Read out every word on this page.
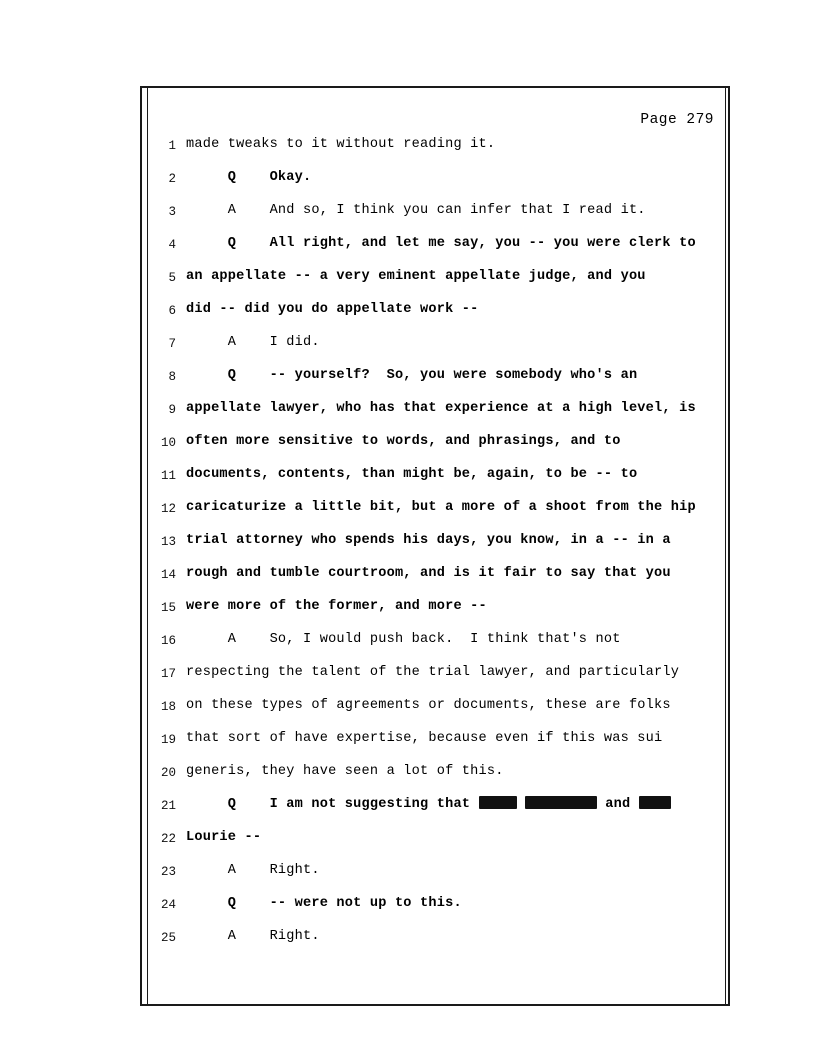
Page 279
1 made tweaks to it without reading it.
2 Q    Okay.
3 A    And so, I think you can infer that I read it.
4 Q    All right, and let me say, you -- you were clerk to
5 an appellate -- a very eminent appellate judge, and you
6 did -- did you do appellate work --
7 A    I did.
8 Q    -- yourself?  So, you were somebody who's an
9 appellate lawyer, who has that experience at a high level, is
10 often more sensitive to words, and phrasings, and to
11 documents, contents, than might be, again, to be -- to
12 caricaturize a little bit, but a more of a shoot from the hip
13 trial attorney who spends his days, you know, in a -- in a
14 rough and tumble courtroom, and is it fair to say that you
15 were more of the former, and more --
16 A    So, I would push back.  I think that's not
17 respecting the talent of the trial lawyer, and particularly
18 on these types of agreements or documents, these are folks
19 that sort of have expertise, because even if this was sui
20 generis, they have seen a lot of this.
21 Q    I am not suggesting that	and
22 Lourie --
23 A    Right.
24 Q    -- were not up to this.
25 A    Right.
